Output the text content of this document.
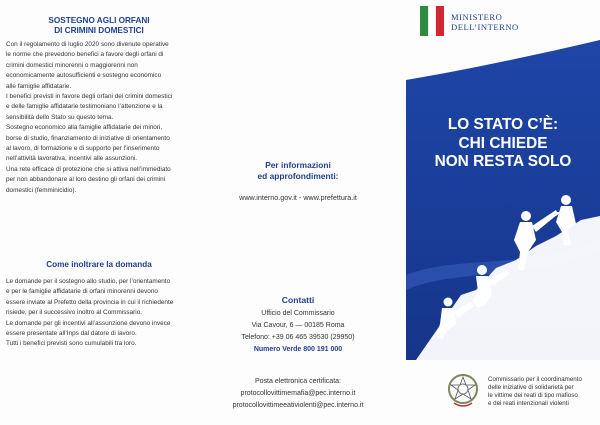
SOSTEGNO AGLI ORFANI
DI CRIMINI DOMESTICI
Con il regolamento di luglio 2020 sono divenute operative
le norme che prevedono benefici a favore degli orfani di
crimini domestici minorenni o maggiorenni non
economicamente autosufficienti e sostegno economico
alle famiglie affidatarie.
I benefici previsti in favore degli orfani dei crimini domestici
e delle famiglie affidatarie testimoniano l’attenzione e la
sensibilità dello Stato su questo tema.
Sostegno economico alla famiglie affidatarie dei minori,
borse di studio, finanziamento di iniziative di orientamento
al lavoro, di formazione e di supporto per l’inserimento
nell’attività lavorativa, incentivi alle assunzioni.
Una rete efficace di protezione che si attiva nell’immediato
per non abbandonare al loro destino gli orfani dei crimini
domestici (femminicidio).
Come inoltrare la domanda
Le domande per il sostegno allo studio, per l’orientamento
e per le famiglie affidatarie di orfani minorenni devono
essere inviate al Prefetto della provincia in cui il richiedente
risiede, per il successivo inoltro al Commissario.
Le domande per gli incentivi all’assunzione devono invece
essere presentate all’Inps dal datore di lavoro.
Tutti i benefici previsti sono cumulabili tra loro.
Per informazioni
ed approfondimenti:
www.interno.gov.it - www.prefettura.it
Contatti
Ufficio del Commissario
Via Cavour, 6 — 00185 Roma
Telefono: +39 06 465 39530 (29950)
Numero Verde 800 191 000
Posta elettronica certificata:
protocollovittimemafia@pec.interno.it
protocollovittimeeativiolenti@pec.interno.it
MINISTERO
DELL’INTERNO
LO STATO C’È:
CHI CHIEDE
NON RESTA SOLO
Commissario per il coordinamento
delle iniziative di solidarietà per
le vittime dei reati di tipo mafioso
e dei reati intenzionali violenti
